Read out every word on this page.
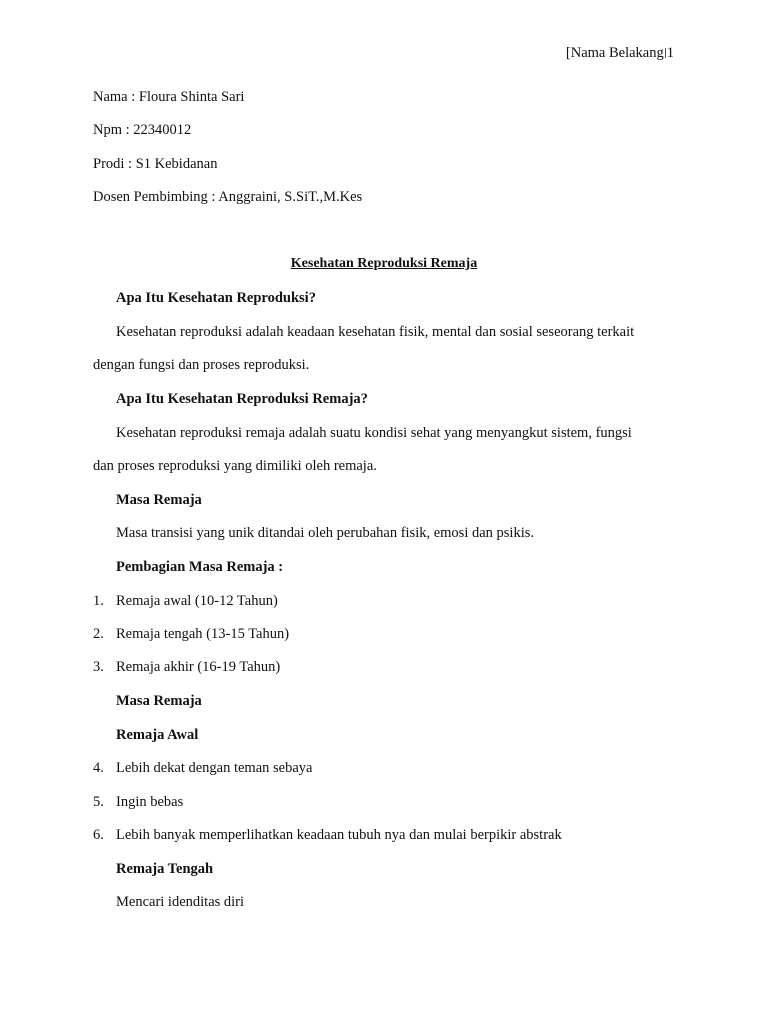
[Nama Belakang 1
Nama : Floura Shinta Sari
Npm : 22340012
Prodi : S1 Kebidanan
Dosen Pembimbing : Anggraini, S.SiT.,M.Kes
Kesehatan Reproduksi Remaja
Apa Itu Kesehatan Reproduksi?
Kesehatan reproduksi adalah keadaan kesehatan fisik, mental dan sosial seseorang terkait
dengan fungsi dan proses reproduksi.
Apa Itu Kesehatan Reproduksi Remaja?
Kesehatan reproduksi remaja adalah suatu kondisi sehat yang menyangkut sistem, fungsi
dan proses reproduksi yang dimiliki oleh remaja.
Masa Remaja
Masa transisi yang unik ditandai oleh perubahan fisik, emosi dan psikis.
Pembagian Masa Remaja :
1. Remaja awal (10-12 Tahun)
2. Remaja tengah (13-15 Tahun)
3. Remaja akhir (16-19 Tahun)
Masa Remaja
Remaja Awal
4. Lebih dekat dengan teman sebaya
5. Ingin bebas
6. Lebih banyak memperlihatkan keadaan tubuh nya dan mulai berpikir abstrak
Remaja Tengah
Mencari idenditas diri
